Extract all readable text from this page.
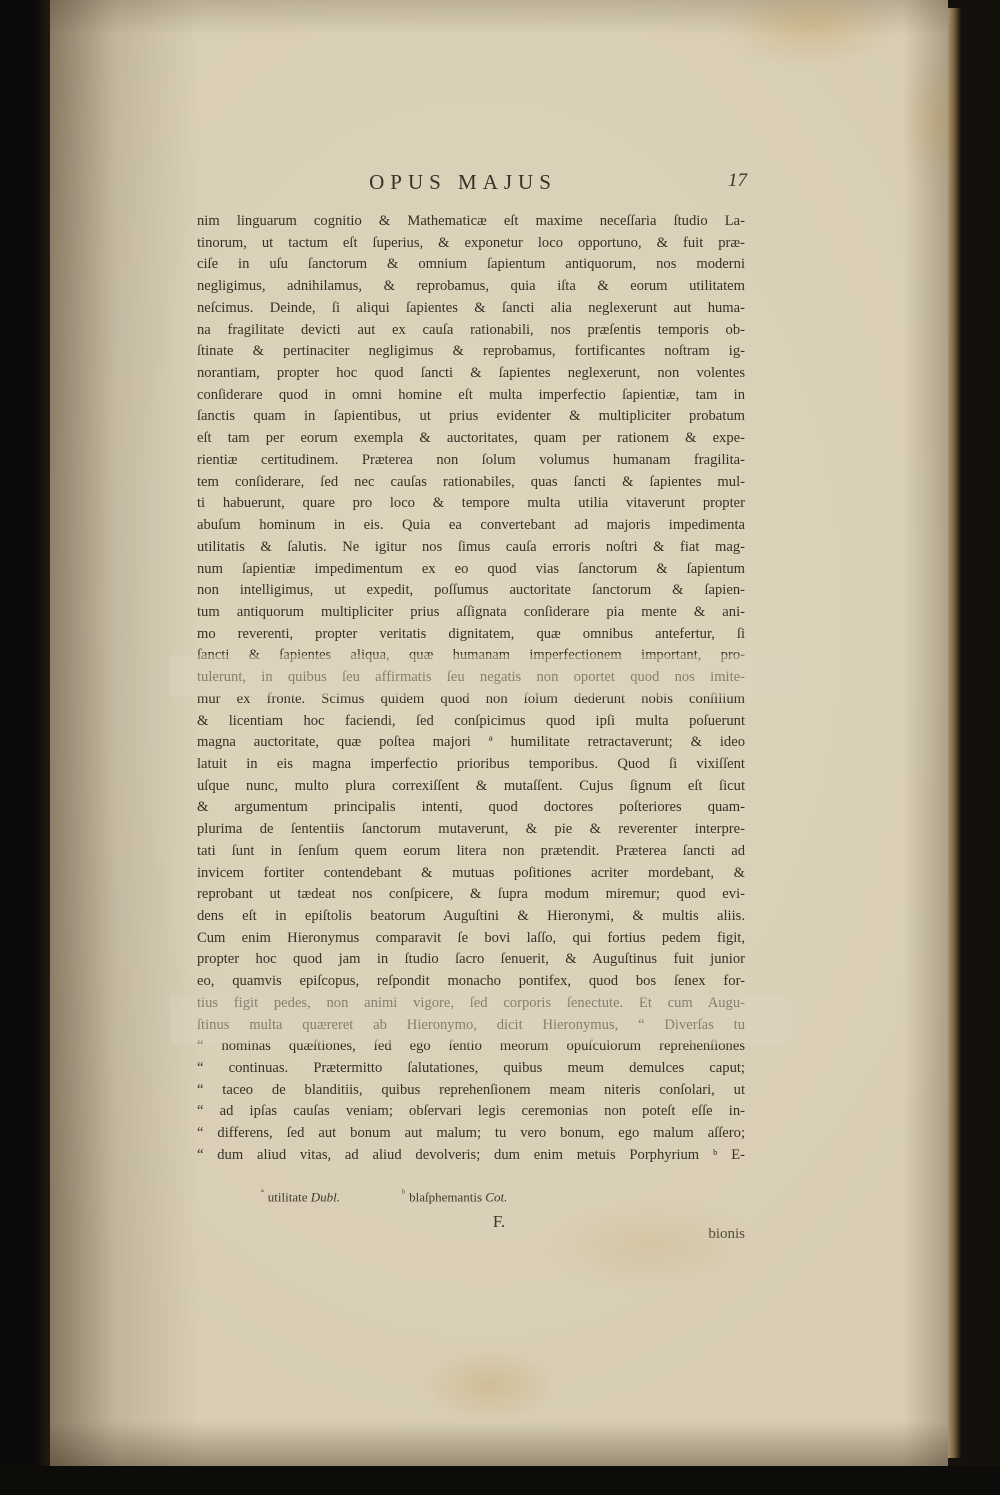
OPUS MAJUS	17
nim linguarum cognitio & Mathematicæ eſt maxime neceſſaria ſtudio La-
tinorum, ut tactum eſt ſuperius, & exponetur loco opportuno, & fuit præ-
ciſe in uſu ſanctorum & omnium ſapientum antiquorum, nos moderni
negligimus, adnihilamus, & reprobamus, quia iſta & eorum utilitatem
neſcimus. Deinde, ſi aliqui ſapientes & ſancti alia neglexerunt aut huma-
na fragilitate devicti aut ex cauſa rationabili, nos præſentis temporis ob-
ſtinate & pertinaciter negligimus & reprobamus, fortificantes noſtram ig-
norantiam, propter hoc quod ſancti & ſapientes neglexerunt, non volentes
conſiderare quod in omni homine eſt multa imperfectio ſapientiæ, tam in
ſanctis quam in ſapientibus, ut prius evidenter & multipliciter probatum
eſt tam per eorum exempla & auctoritates, quam per rationem & expe-
rientiæ certitudinem. Præterea non ſolum volumus humanam fragilita-
tem conſiderare, ſed nec cauſas rationabiles, quas ſancti & ſapientes mul-
ti habuerunt, quare pro loco & tempore multa utilia vitaverunt propter
abuſum hominum in eis. Quia ea convertebant ad majoris impedimenta
utilitatis & ſalutis. Ne igitur nos ſimus cauſa erroris noſtri & fiat mag-
num ſapientiæ impedimentum ex eo quod vias ſanctorum & ſapientum
non intelligimus, ut expedit, poſſumus auctoritate ſanctorum & ſapien-
tum antiquorum multipliciter prius aſſignata conſiderare pia mente & ani-
mo reverenti, propter veritatis dignitatem, quæ omnibus antefertur, ſi
ſancti & ſapientes aliqua, quæ humanam imperfectionem important, pro-
tulerunt, in quibus ſeu affirmatis ſeu negatis non oportet quod nos imite-
mur ex fronte. Scimus quidem quod non ſolum dederunt nobis conſilium
& licentiam hoc faciendi, ſed conſpicimus quod ipſi multa poſuerunt
magna auctoritate, quæ poſtea majori ª humilitate retractaverunt; & ideo
latuit in eis magna imperfectio prioribus temporibus. Quod ſi vixiſſent
uſque nunc, multo plura correxiſſent & mutaſſent. Cujus ſignum eſt ſicut
& argumentum principalis intenti, quod doctores poſteriores quam-
plurima de ſententiis ſanctorum mutaverunt, & pie & reverenter interpre-
tati ſunt in ſenſum quem eorum litera non prætendit. Præterea ſancti ad
invicem fortiter contendebant & mutuas poſitiones acriter mordebant, &
reprobant ut tædeat nos conſpicere, & ſupra modum miremur; quod evi-
dens eſt in epiſtolis beatorum Auguſtini & Hieronymi, & multis aliis.
Cum enim Hieronymus comparavit ſe bovi laſſo, qui fortius pedem figit,
propter hoc quod jam in ſtudio ſacro ſenuerit, & Auguſtinus fuit junior
eo, quamvis epiſcopus, reſpondit monacho pontifex, quod bos ſenex for-
tius figit pedes, non animi vigore, ſed corporis ſenectute. Et cum Augu-
ſtinus multa quæreret ab Hieronymo, dicit Hieronymus, “ Diverſas tu
“ nominas quæſtiones, ſed ego ſentio meorum opuſculorum reprehenſiones
“ continuas. Prætermitto ſalutationes, quibus meum demulces caput;
“ taceo de blanditiis, quibus reprehenſionem meam niteris conſolari, ut
“ ad ipſas cauſas veniam; obſervari legis ceremonias non poteſt eſſe in-
“ differens, ſed aut bonum aut malum; tu vero bonum, ego malum aſſero;
“ dum aliud vitas, ad aliud devolveris; dum enim metuis Porphyrium ᵇ E-
$^ª$ utilitate Dubl.	$^ᵇ$ blaſphemantis Cot.
F.
bionis
